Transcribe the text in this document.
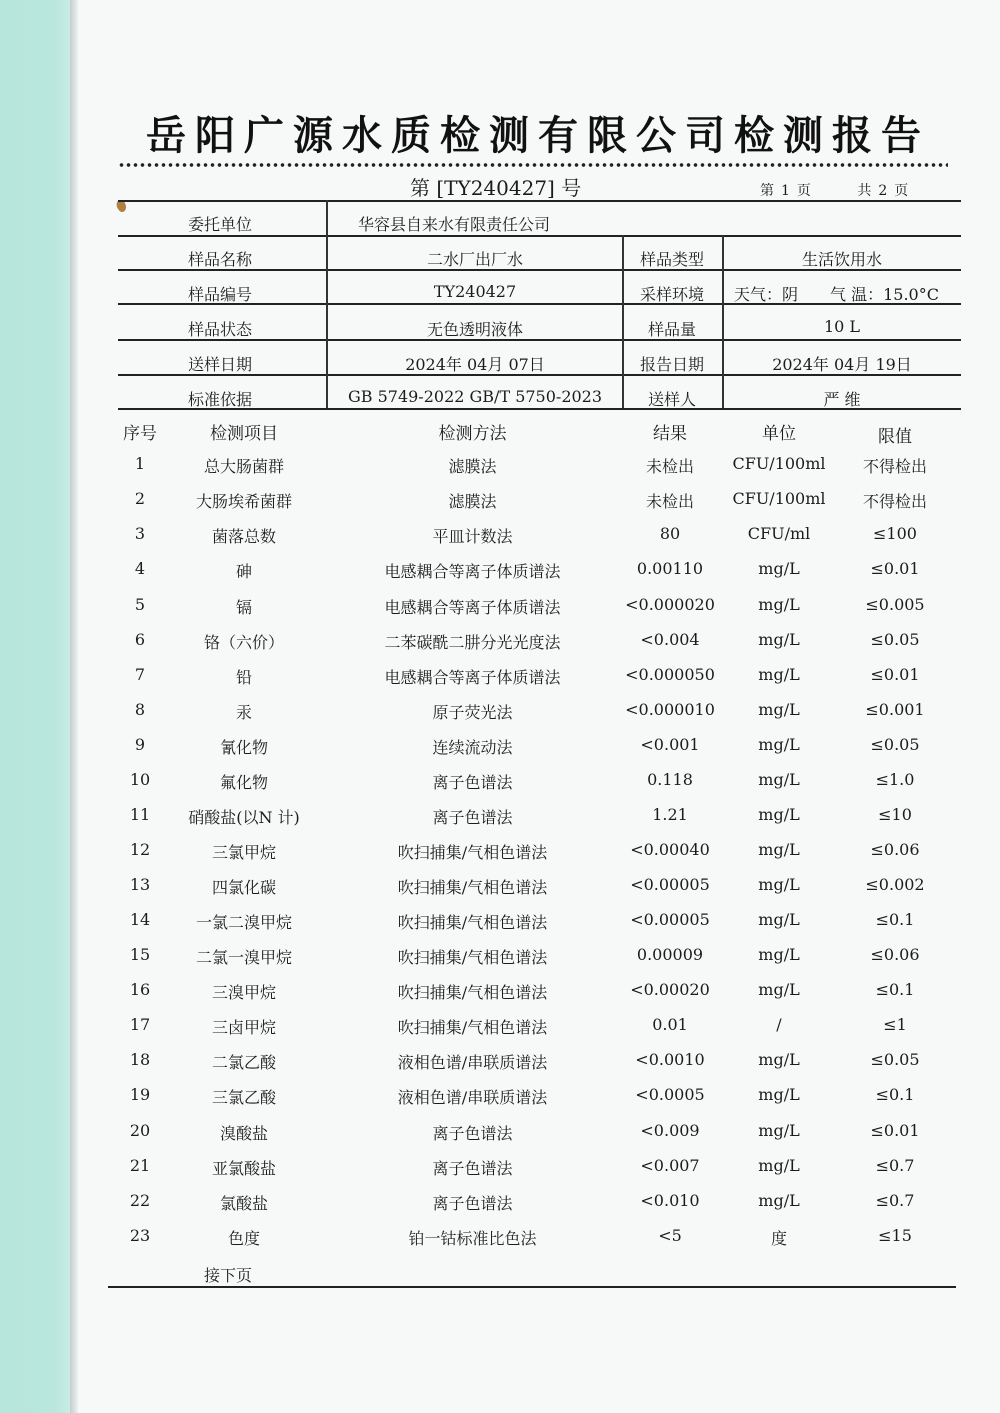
岳阳广源水质检测有限公司检测报告
第 [TY240427] 号	第 1 页	共 2 页
委托单位	华容县自来水有限责任公司
样品名称	二水厂出厂水	样品类型	生活饮用水
样品编号	TY240427	采样环境	天气：阴　　气 温：15.0°C
样品状态	无色透明液体	样品量	10 L
送样日期	2024年 04月 07日	报告日期	2024年 04月 19日
标准依据	GB 5749-2022 GB/T 5750-2023	送样人	严 维
序号	检测项目	检测方法	结果	单位	限值
1	总大肠菌群	滤膜法	未检出	CFU/100ml	不得检出
2	大肠埃希菌群	滤膜法	未检出	CFU/100ml	不得检出
3	菌落总数	平皿计数法	80	CFU/ml	≤100
4	砷	电感耦合等离子体质谱法	0.00110	mg/L	≤0.01
5	镉	电感耦合等离子体质谱法	<0.000020	mg/L	≤0.005
6	铬（六价）	二苯碳酰二肼分光光度法	<0.004	mg/L	≤0.05
7	铅	电感耦合等离子体质谱法	<0.000050	mg/L	≤0.01
8	汞	原子荧光法	<0.000010	mg/L	≤0.001
9	氰化物	连续流动法	<0.001	mg/L	≤0.05
10	氟化物	离子色谱法	0.118	mg/L	≤1.0
11	硝酸盐(以N 计)	离子色谱法	1.21	mg/L	≤10
12	三氯甲烷	吹扫捕集/气相色谱法	<0.00040	mg/L	≤0.06
13	四氯化碳	吹扫捕集/气相色谱法	<0.00005	mg/L	≤0.002
14	一氯二溴甲烷	吹扫捕集/气相色谱法	<0.00005	mg/L	≤0.1
15	二氯一溴甲烷	吹扫捕集/气相色谱法	0.00009	mg/L	≤0.06
16	三溴甲烷	吹扫捕集/气相色谱法	<0.00020	mg/L	≤0.1
17	三卤甲烷	吹扫捕集/气相色谱法	0.01	/	≤1
18	二氯乙酸	液相色谱/串联质谱法	<0.0010	mg/L	≤0.05
19	三氯乙酸	液相色谱/串联质谱法	<0.0005	mg/L	≤0.1
20	溴酸盐	离子色谱法	<0.009	mg/L	≤0.01
21	亚氯酸盐	离子色谱法	<0.007	mg/L	≤0.7
22	氯酸盐	离子色谱法	<0.010	mg/L	≤0.7
23	色度	铂一钴标准比色法	<5	度	≤15
接下页
